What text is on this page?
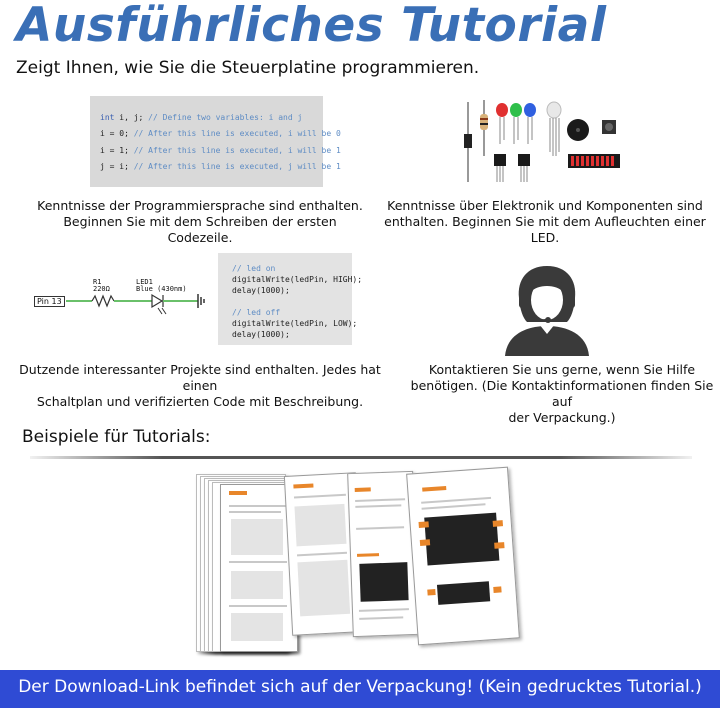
Ausführliches Tutorial
Zeigt Ihnen, wie Sie die Steuerplatine programmieren.
int i, j; // Define two variables: i and j
i = 0; // After this line is executed, i will be 0
i = 1; // After this line is executed, i will be 1
j = i; // After this line is executed, j will be 1
Kenntnisse der Programmiersprache sind enthalten.
Beginnen Sie mit dem Schreiben der ersten Codezeile.
Kenntnisse über Elektronik und Komponenten sind
enthalten. Beginnen Sie mit dem Aufleuchten einer
LED.
Pin 13
R1
220Ω
LED1
Blue (430nm)
// led on
digitalWrite(ledPin, HIGH);
delay(1000);
// led off
digitalWrite(ledPin, LOW);
delay(1000);
Dutzende interessanter Projekte sind enthalten. Jedes hat einen
Schaltplan und verifizierten Code mit Beschreibung.
Kontaktieren Sie uns gerne, wenn Sie Hilfe
benötigen. (Die Kontaktinformationen finden Sie auf
der Verpackung.)
Beispiele für Tutorials:
Der Download-Link befindet sich auf der Verpackung! (Kein gedrucktes Tutorial.)
